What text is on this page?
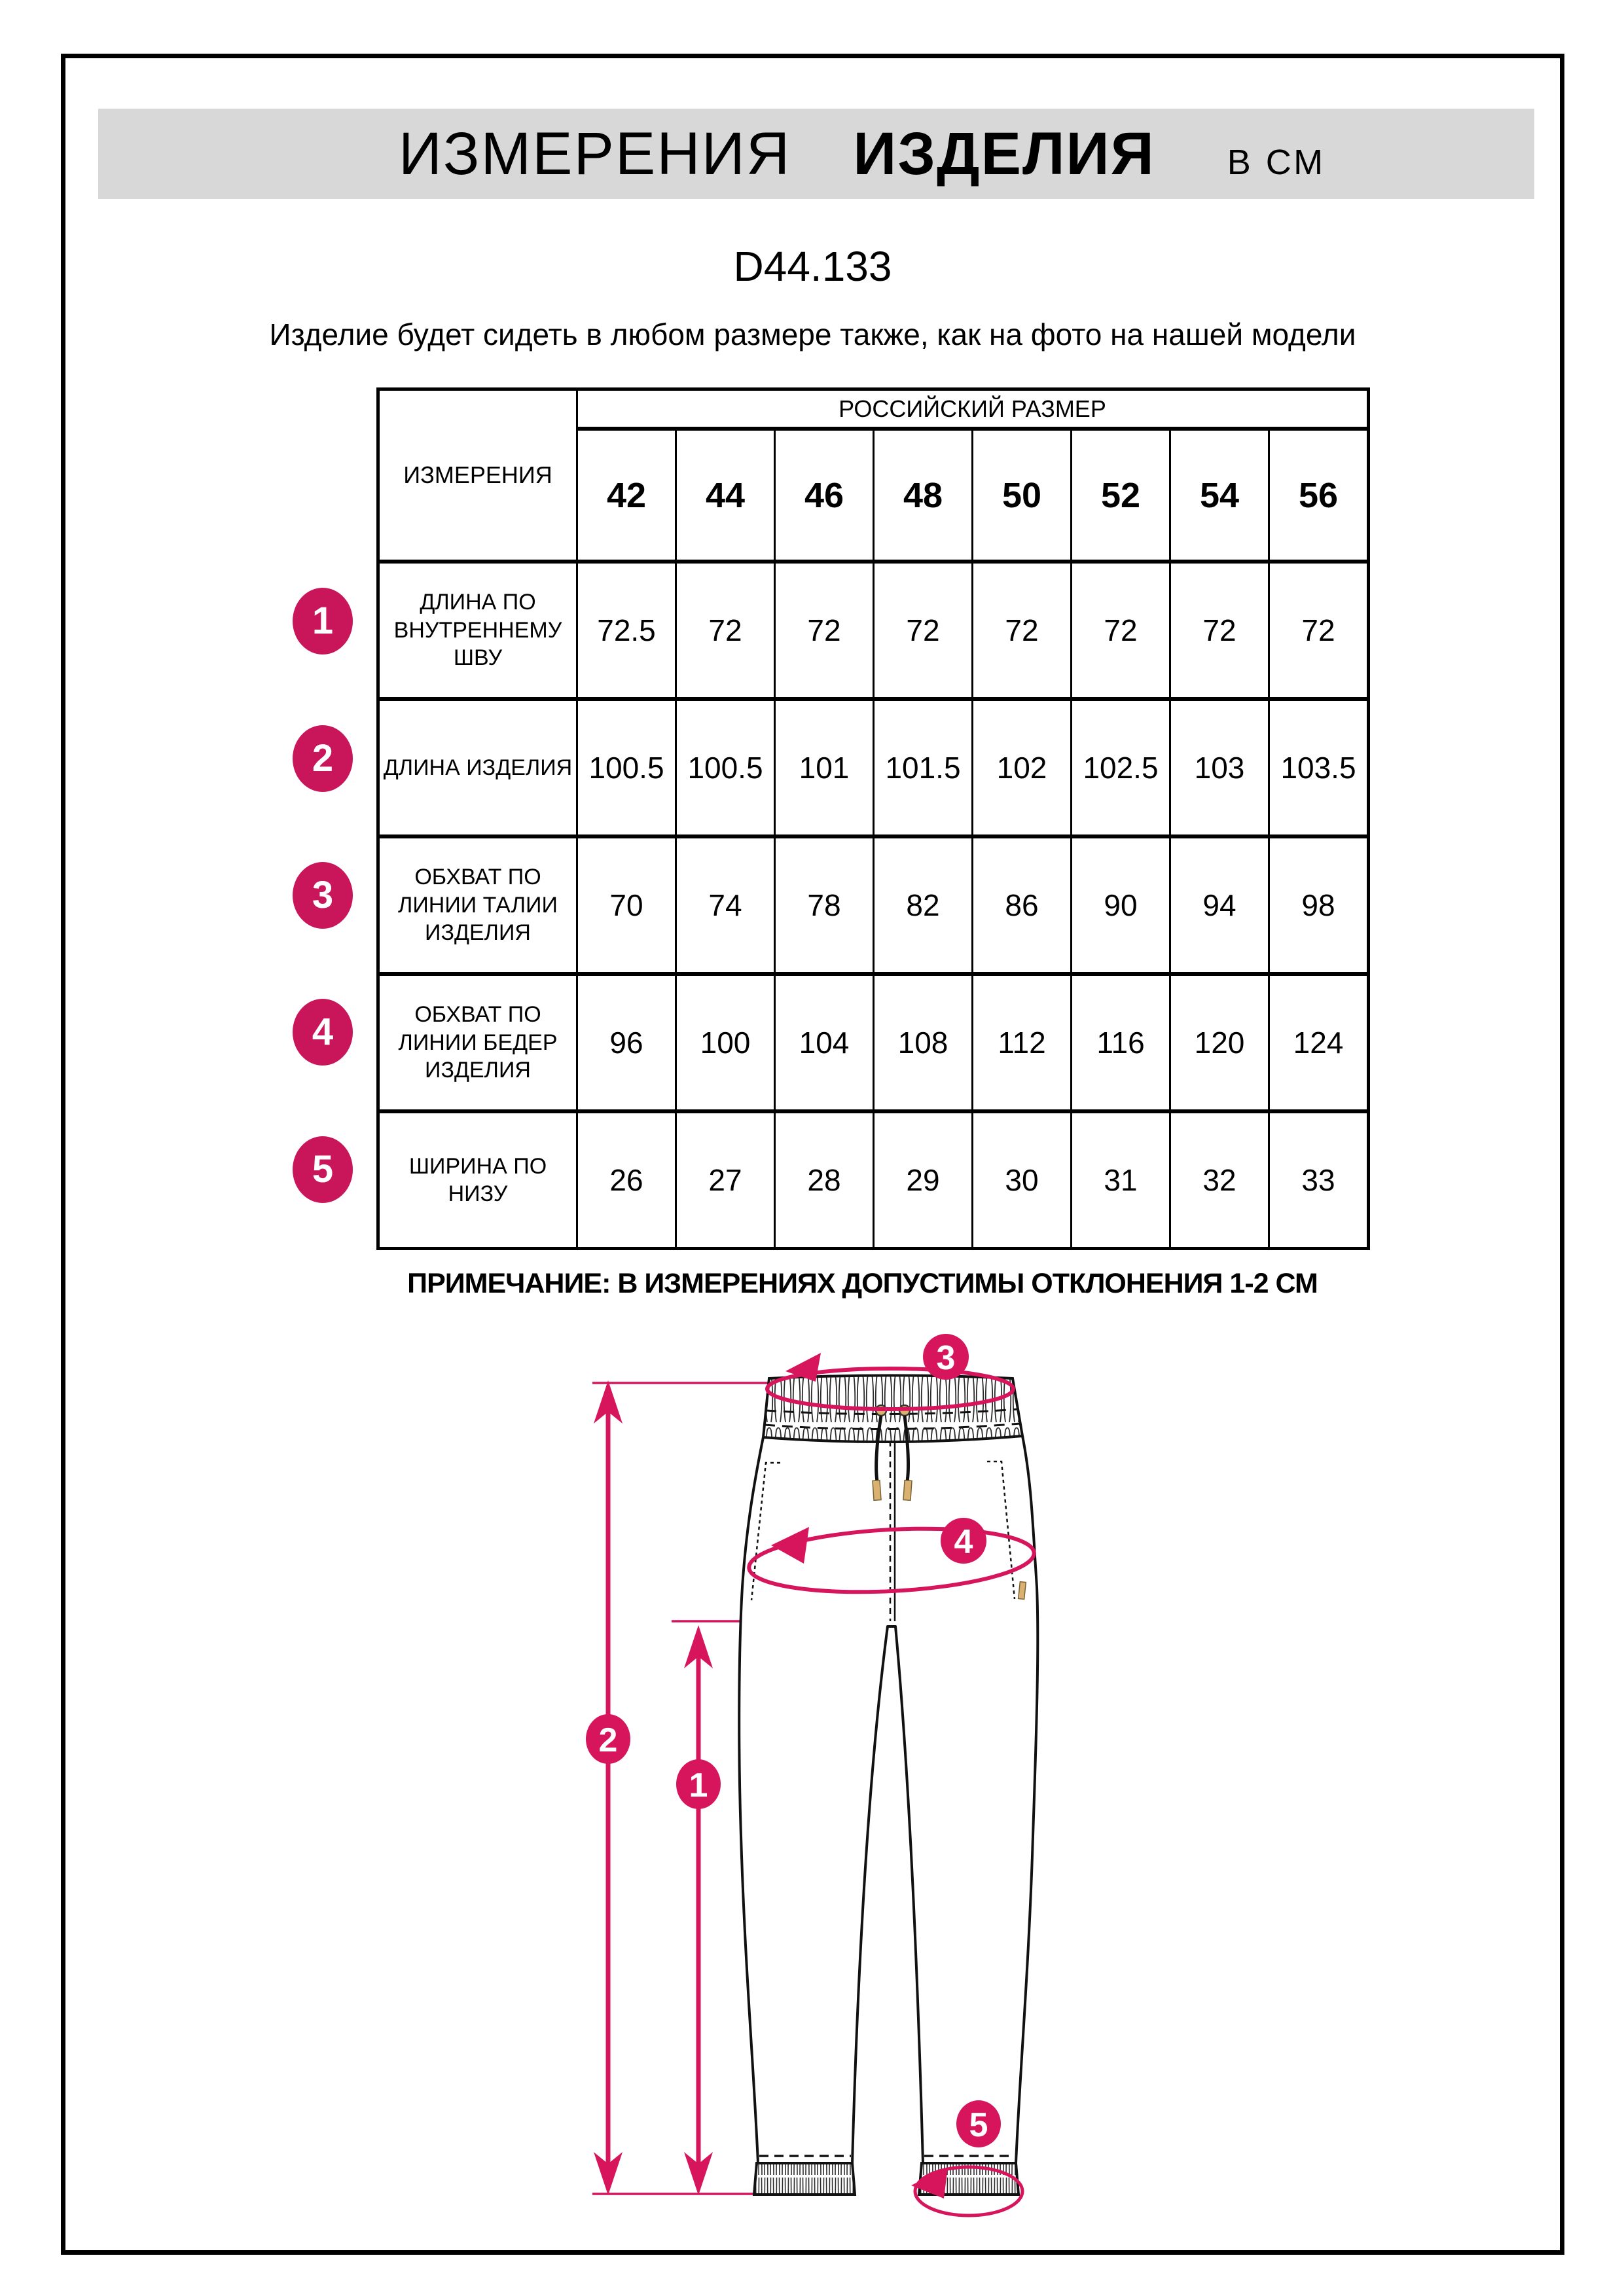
ИЗМЕРЕНИЯ ИЗДЕЛИЯ В СМ
D44.133
Изделие будет сидеть в любом размере также, как на фото на нашей модели
ИЗМЕРЕНИЯ	РОССИЙСКИЙ РАЗМЕР							
	42	44	46	48	50	52	54	56
ДЛИНА ПО ВНУТРЕННЕМУ ШВУ	72.5	72	72	72	72	72	72	72
ДЛИНА ИЗДЕЛИЯ	100.5	100.5	101	101.5	102	102.5	103	103.5
ОБХВАТ ПО ЛИНИИ ТАЛИИ ИЗДЕЛИЯ	70	74	78	82	86	90	94	98
ОБХВАТ ПО ЛИНИИ БЕДЕР ИЗДЕЛИЯ	96	100	104	108	112	116	120	124
ШИРИНА ПО НИЗУ	26	27	28	29	30	31	32	33
1
2
3
4
5
ПРИМЕЧАНИЕ: В ИЗМЕРЕНИЯХ ДОПУСТИМЫ ОТКЛОНЕНИЯ 1-2 СМ
3
4
2
1
5
